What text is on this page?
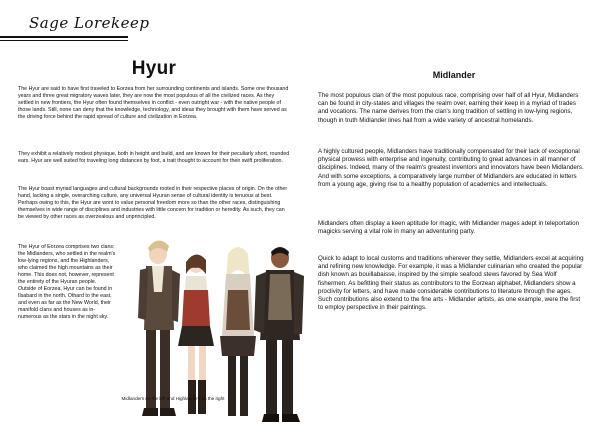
Sage Lorekeep
Hyur

The Hyur are said to have first traveled to Eorzea from her surrounding continents and islands. Some one thousand years and three great migratory waves later, they are now the most populous of all the civilized races. As they settled in new frontiers, the Hyur often found themselves in conflict - even outright war - with the native people of those lands. Still, none can deny that the knowledge, technology, and ideas they brought with them have served as the driving force behind the rapid spread of culture and civilization in Eorzea.

They exhibit a relatively modest physique, both in height and build, and are known for their peculiarly short, rounded ears. Hyur are well suited for traveling long distances by foot, a trait thought to account for their swift proliferation.

The Hyur boast myriad languages and cultural backgrounds rooted in their respective places of origin. On the other hand, lacking a single, overarching culture, any universal Hyuran sense of cultural identity is tenuous at best. Perhaps owing to this, the Hyur are wont to value personal freedom more so than the other races, distinguishing themselves in wide range of disciplines and industries with little concern for tradition or heredity. As such, they can be viewed by other races as overzealous and unprincipled.

The Hyur of Eorzea comprises two clans: the Midlanders, who settled in the realm's low-lying regions, and the Highlanders, who claimed the high mountains as their home. This does not, however, represent the entirety of the Hyuran people. Outside of Eorzea, Hyur can be found in Ilsabard in the north, Othard to the east, and even as far as the New World, their manifold clans and houses as in-numerous as the stars in the night sky.

Midlanders on the left and Highlanders on the right
Midlander

The most populous clan of the most populous race, comprising over half of all Hyur, Midlanders can be found in city-states and villages the realm over, earning their keep in a myriad of trades and vocations. The name derives from the clan's long tradition of settling in low-lying regions, though in truth Midlander lines hail from a wide variety of ancestral homelands.

A highly cultured people, Midlanders have traditionally compensated for their lack of exceptional physical prowess with enterprise and ingenuity, contributing to great advances in all manner of disciplines. Indeed, many of the realm's greatest inventors and innovators have been Midlanders. And with some exceptions, a comparatively large number of Midlanders are educated in letters from a young age, giving rise to a healthy population of academics and intellectuals.

Midlanders often display a keen aptitude for magic, with Midlander mages adept in teleportation magicks serving a vital role in many an adventuring party.

Quick to adapt to local customs and traditions wherever they settle, Midlanders excel at acquiring and refining new knowledge. For example, it was a Midlander culinarian who created the popular dish known as bouillabaisse, inspired by the simple seafood stews favored by Sea Wolf fishermen. As befitting their status as contributors to the Eorzean alphabet, Midlanders show a proclivity for letters, and have made considerable contributions to literature through the ages. Such contributions also extend to the fine arts - Midlander artists, as one example, were the first to employ perspective in their paintings.
